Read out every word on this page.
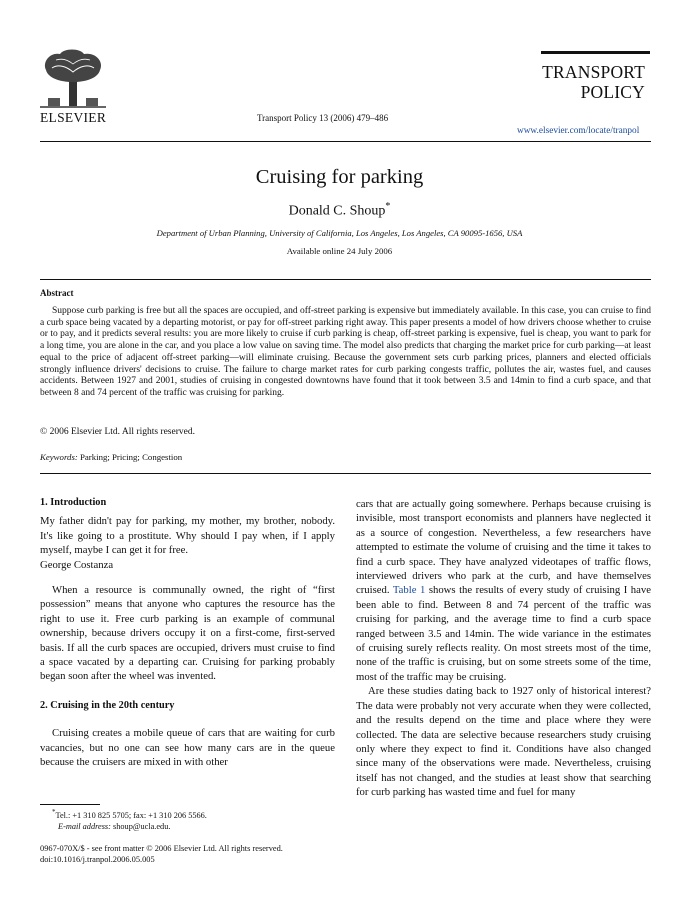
ELSEVIER	Transport Policy 13 (2006) 479–486
TRANSPORT
POLICY
www.elsevier.com/locate/tranpol
Cruising for parking
Donald C. Shoup*
Department of Urban Planning, University of California, Los Angeles, Los Angeles, CA 90095-1656, USA
Available online 24 July 2006
Abstract

Suppose curb parking is free but all the spaces are occupied, and off-street parking is expensive but immediately available. In this case, you can cruise to find a curb space being vacated by a departing motorist, or pay for off-street parking right away. This paper presents a model of how drivers choose whether to cruise or to pay, and it predicts several results: you are more likely to cruise if curb parking is cheap, off-street parking is expensive, fuel is cheap, you want to park for a long time, you are alone in the car, and you place a low value on saving time. The model also predicts that charging the market price for curb parking—at least equal to the price of adjacent off-street parking—will eliminate cruising. Because the government sets curb parking prices, planners and elected officials strongly influence drivers' decisions to cruise. The failure to charge market rates for curb parking congests traffic, pollutes the air, wastes fuel, and causes accidents. Between 1927 and 2001, studies of cruising in congested downtowns have found that it took between 3.5 and 14min to find a curb space, and that between 8 and 74 percent of the traffic was cruising for parking.

© 2006 Elsevier Ltd. All rights reserved.
Keywords: Parking; Pricing; Congestion

1. Introduction

My father didn't pay for parking, my mother, my brother, nobody. It's like going to a prostitute. Why should I pay when, if I apply myself, maybe I can get it for free.

George Costanza

When a resource is communally owned, the right of “first possession” means that anyone who captures the resource has the right to use it. Free curb parking is an example of communal ownership, because drivers occupy it on a first-come, first-served basis. If all the curb spaces are occupied, drivers must cruise to find a space vacated by a departing car. Cruising for parking probably began soon after the wheel was invented.

2. Cruising in the 20th century

Cruising creates a mobile queue of cars that are waiting for curb vacancies, but no one can see how many cars are in the queue because the cruisers are mixed in with other

cars that are actually going somewhere. Perhaps because cruising is invisible, most transport economists and planners have neglected it as a source of congestion. Nevertheless, a few researchers have attempted to estimate the volume of cruising and the time it takes to find a curb space. They have analyzed videotapes of traffic flows, interviewed drivers who park at the curb, and have themselves cruised. Table 1 shows the results of every study of cruising I have been able to find. Between 8 and 74 percent of the traffic was cruising for parking, and the average time to find a curb space ranged between 3.5 and 14min. The wide variance in the estimates of cruising surely reflects reality. On most streets most of the time, none of the traffic is cruising, but on some streets some of the time, most of the traffic may be cruising.

Are these studies dating back to 1927 only of historical interest? The data were probably not very accurate when they were collected, and the results depend on the time and place where they were collected. The data are selective because researchers study cruising only where they expect to find it. Conditions have also changed since many of the observations were made. Nevertheless, cruising itself has not changed, and the studies at least show that searching for curb parking has wasted time and fuel for many

*Tel.: +1 310 825 5705; fax: +1 310 206 5566.
E-mail address: shoup@ucla.edu.
0967-070X/$ - see front matter © 2006 Elsevier Ltd. All rights reserved.
doi:10.1016/j.tranpol.2006.05.005
